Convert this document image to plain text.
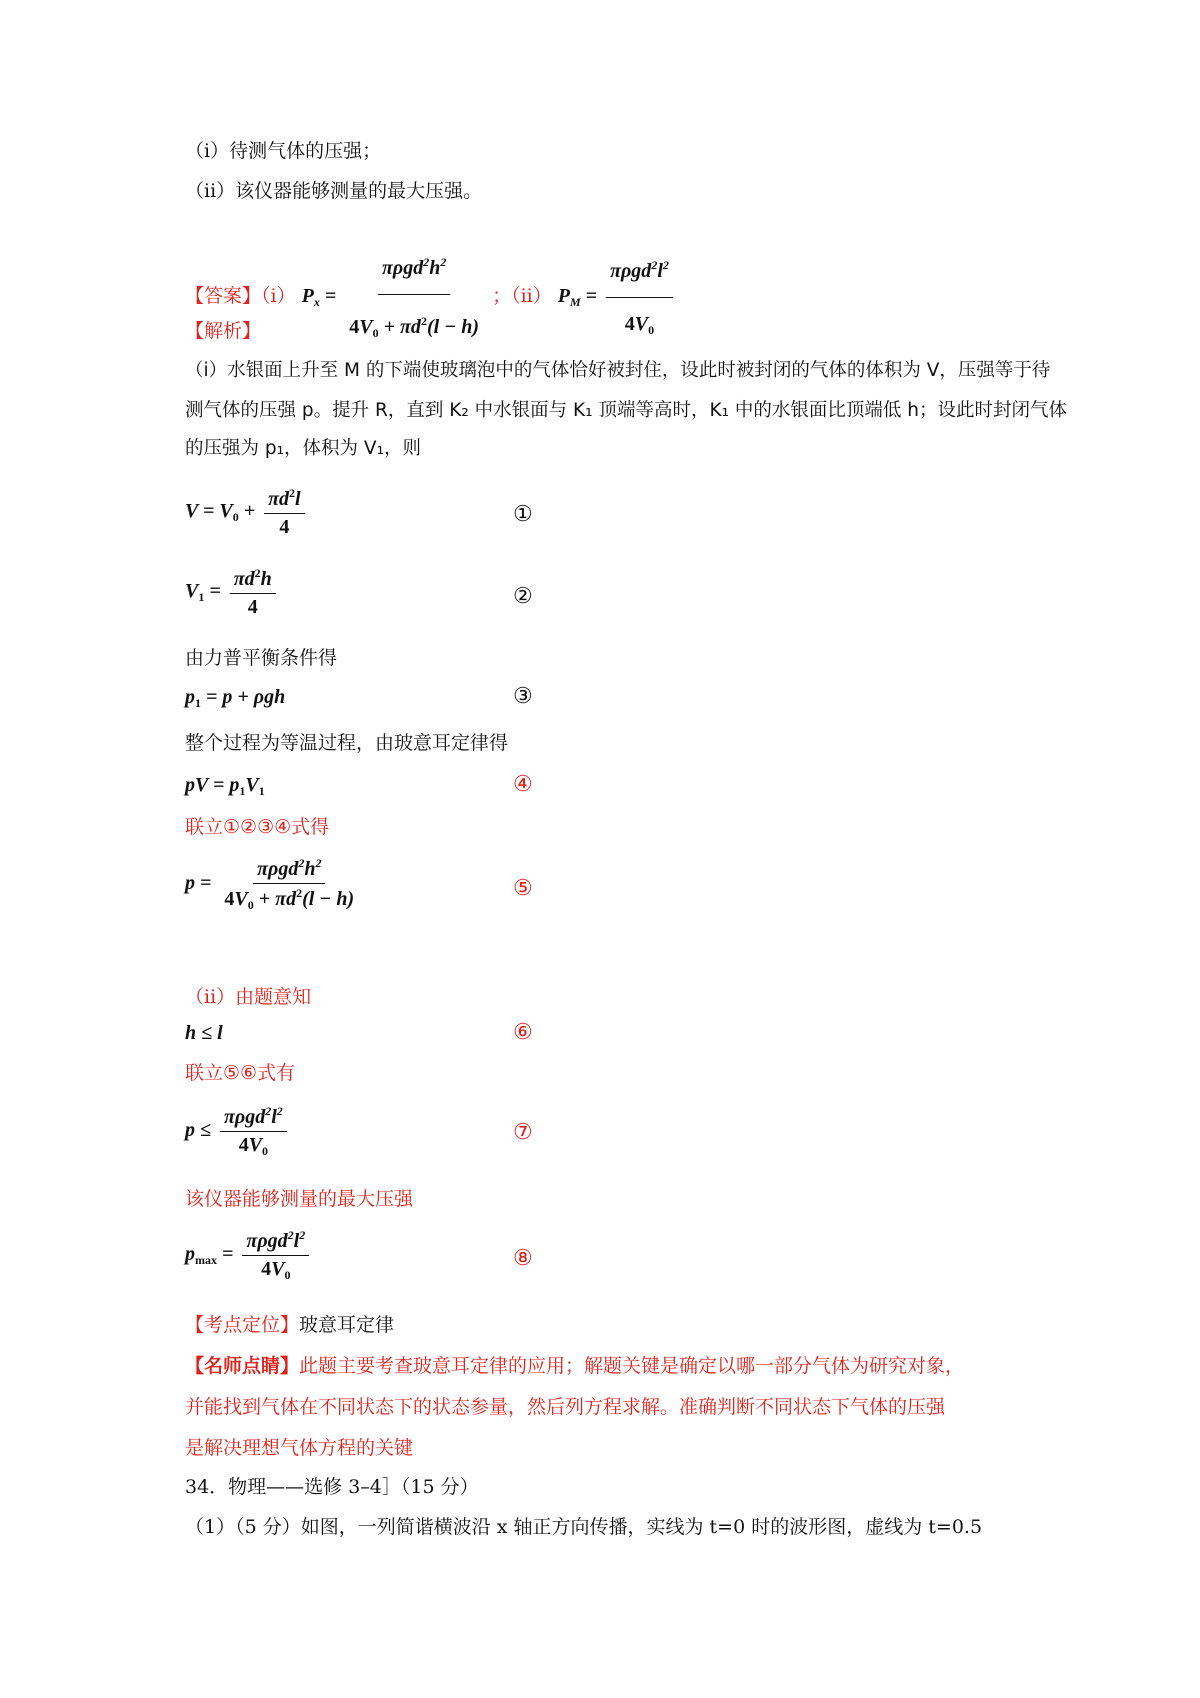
（i）待测气体的压强；
（ii）该仪器能够测量的最大压强。
【答案】（i） $P_x = \frac{\pi\rho gd^2h^2}{4V_0 + \pi d^2(l - h)}$ ；（ii） $P_M = \frac{\pi\rho gd^2l^2}{4V_0}$
【解析】
（i）水银面上升至 M 的下端使玻璃泡中的气体恰好被封住，设此时被封闭的气体的体积为 V，压强等于待
测气体的压强 p。提升 R，直到 K₂ 中水银面与 K₁ 顶端等高时，K₁ 中的水银面比顶端低 h；设此时封闭气体
的压强为 p₁，体积为 V₁，则
$V = V_0 + \frac{\pi d^2l}{4}$	①
$V_1 = \frac{\pi d^2h}{4}$	②
由力普平衡条件得
$p_1 = p + \rho gh$	③
整个过程为等温过程，由玻意耳定律得
pV = $p_1V_1$	④
联立①②③④式得
$p = \frac{\pi\rho gd^2h^2}{4V_0 + \pi d^2(l - h)}$	⑤
（ii）由题意知
h ≤ l	⑥
联立⑤⑥式有
$p \le \frac{\pi\rho gd^2l^2}{4V_0}$	⑦
该仪器能够测量的最大压强
$p_{max} = \frac{\pi\rho gd^2l^2}{4V_0}$	⑧
【考点定位】玻意耳定律
【名师点睛】此题主要考查玻意耳定律的应用；解题关键是确定以哪一部分气体为研究对象，
并能找到气体在不同状态下的状态参量，然后列方程求解。准确判断不同状态下气体的压强
是解决理想气体方程的关键
34．物理——选修 3–4］（15 分）
（1）（5 分）如图，一列简谐横波沿 x 轴正方向传播，实线为 t=0 时的波形图，虚线为 t=0.5
